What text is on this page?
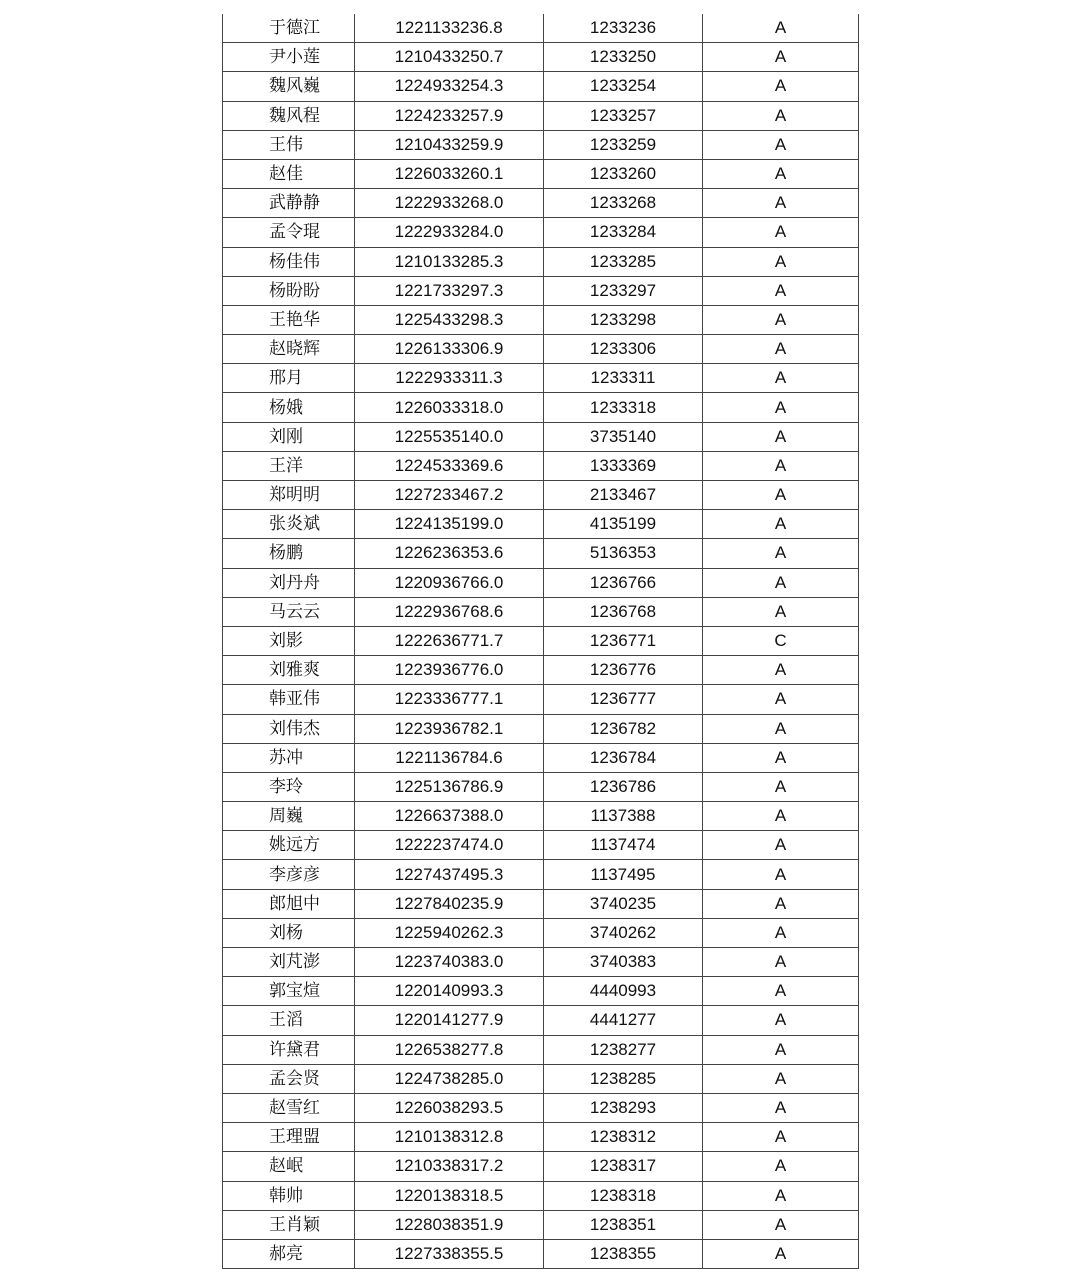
于德江	1221133236.8	1233236	A
尹小莲	1210433250.7	1233250	A
魏风巍	1224933254.3	1233254	A
魏风程	1224233257.9	1233257	A
王伟	1210433259.9	1233259	A
赵佳	1226033260.1	1233260	A
武静静	1222933268.0	1233268	A
孟令琨	1222933284.0	1233284	A
杨佳伟	1210133285.3	1233285	A
杨盼盼	1221733297.3	1233297	A
王艳华	1225433298.3	1233298	A
赵晓辉	1226133306.9	1233306	A
邢月	1222933311.3	1233311	A
杨娥	1226033318.0	1233318	A
刘刚	1225535140.0	3735140	A
王洋	1224533369.6	1333369	A
郑明明	1227233467.2	2133467	A
张炎斌	1224135199.0	4135199	A
杨鹏	1226236353.6	5136353	A
刘丹舟	1220936766.0	1236766	A
马云云	1222936768.6	1236768	A
刘影	1222636771.7	1236771	C
刘雅爽	1223936776.0	1236776	A
韩亚伟	1223336777.1	1236777	A
刘伟杰	1223936782.1	1236782	A
苏冲	1221136784.6	1236784	A
李玲	1225136786.9	1236786	A
周巍	1226637388.0	1137388	A
姚远方	1222237474.0	1137474	A
李彦彦	1227437495.3	1137495	A
郎旭中	1227840235.9	3740235	A
刘杨	1225940262.3	3740262	A
刘芃澎	1223740383.0	3740383	A
郭宝煊	1220140993.3	4440993	A
王滔	1220141277.9	4441277	A
许黛君	1226538277.8	1238277	A
孟会贤	1224738285.0	1238285	A
赵雪红	1226038293.5	1238293	A
王理盟	1210138312.8	1238312	A
赵岷	1210338317.2	1238317	A
韩帅	1220138318.5	1238318	A
王肖颖	1228038351.9	1238351	A
郝亮	1227338355.5	1238355	A
